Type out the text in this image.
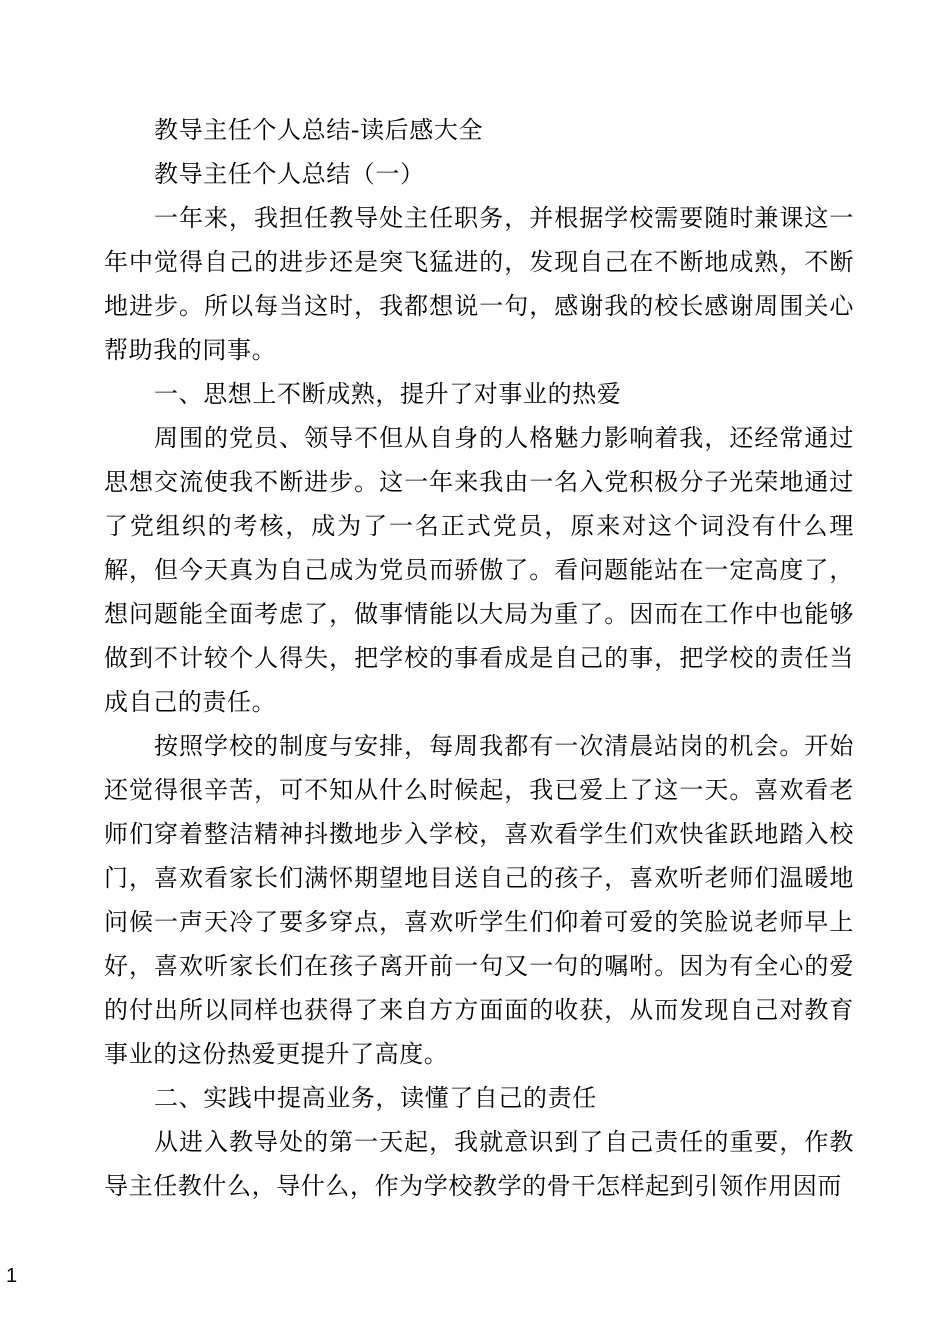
教导主任个人总结-读后感大全

教导主任个人总结（一）

一年来，我担任教导处主任职务，并根据学校需要随时兼课这一年中觉得自己的进步还是突飞猛进的，发现自己在不断地成熟，不断地进步。所以每当这时，我都想说一句，感谢我的校长感谢周围关心帮助我的同事。

一、思想上不断成熟，提升了对事业的热爱

周围的党员、领导不但从自身的人格魅力影响着我，还经常通过思想交流使我不断进步。这一年来我由一名入党积极分子光荣地通过了党组织的考核，成为了一名正式党员，原来对这个词没有什么理解，但今天真为自己成为党员而骄傲了。看问题能站在一定高度了，想问题能全面考虑了，做事情能以大局为重了。因而在工作中也能够做到不计较个人得失，把学校的事看成是自己的事，把学校的责任当成自己的责任。

按照学校的制度与安排，每周我都有一次清晨站岗的机会。开始还觉得很辛苦，可不知从什么时候起，我已爱上了这一天。喜欢看老师们穿着整洁精神抖擞地步入学校，喜欢看学生们欢快雀跃地踏入校门，喜欢看家长们满怀期望地目送自己的孩子，喜欢听老师们温暖地问候一声天冷了要多穿点，喜欢听学生们仰着可爱的笑脸说老师早上好，喜欢听家长们在孩子离开前一句又一句的嘱咐。因为有全心的爱的付出所以同样也获得了来自方方面面的收获，从而发现自己对教育事业的这份热爱更提升了高度。

二、实践中提高业务，读懂了自己的责任

从进入教导处的第一天起，我就意识到了自己责任的重要，作教导主任教什么，导什么，作为学校教学的骨干怎样起到引领作用因而

1
